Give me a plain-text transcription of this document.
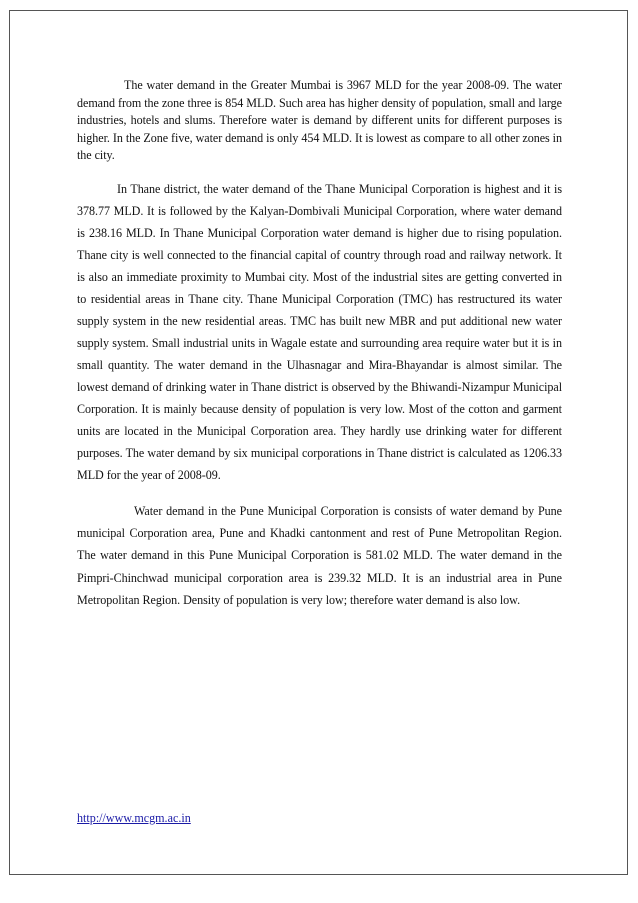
The water demand in the Greater Mumbai is 3967 MLD for the year 2008-09. The water demand from the zone three is 854 MLD. Such area has higher density of population, small and large industries, hotels and slums. Therefore water is demand by different units for different purposes is higher. In the Zone five, water demand is only 454 MLD. It is lowest as compare to all other zones in the city.

In Thane district, the water demand of the Thane Municipal Corporation is highest and it is 378.77 MLD. It is followed by the Kalyan-Dombivali Municipal Corporation, where water demand is 238.16 MLD. In Thane Municipal Corporation water demand is higher due to rising population. Thane city is well connected to the financial capital of country through road and railway network. It is also an immediate proximity to Mumbai city. Most of the industrial sites are getting converted in to residential areas in Thane city. Thane Municipal Corporation (TMC) has restructured its water supply system in the new residential areas. TMC has built new MBR and put additional new water supply system. Small industrial units in Wagale estate and surrounding area require water but it is in small quantity. The water demand in the Ulhasnagar and Mira-Bhayandar is almost similar. The lowest demand of drinking water in Thane district is observed by the Bhiwandi-Nizampur Municipal Corporation. It is mainly because density of population is very low. Most of the cotton and garment units are located in the Municipal Corporation area. They hardly use drinking water for different purposes. The water demand by six municipal corporations in Thane district is calculated as 1206.33 MLD for the year of 2008-09.

Water demand in the Pune Municipal Corporation is consists of water demand by Pune municipal Corporation area, Pune and Khadki cantonment and rest of Pune Metropolitan Region. The water demand in this Pune Municipal Corporation is 581.02 MLD. The water demand in the Pimpri-Chinchwad municipal corporation area is 239.32 MLD. It is an industrial area in Pune Metropolitan Region. Density of population is very low; therefore water demand is also low.

http://www.mcgm.ac.in
